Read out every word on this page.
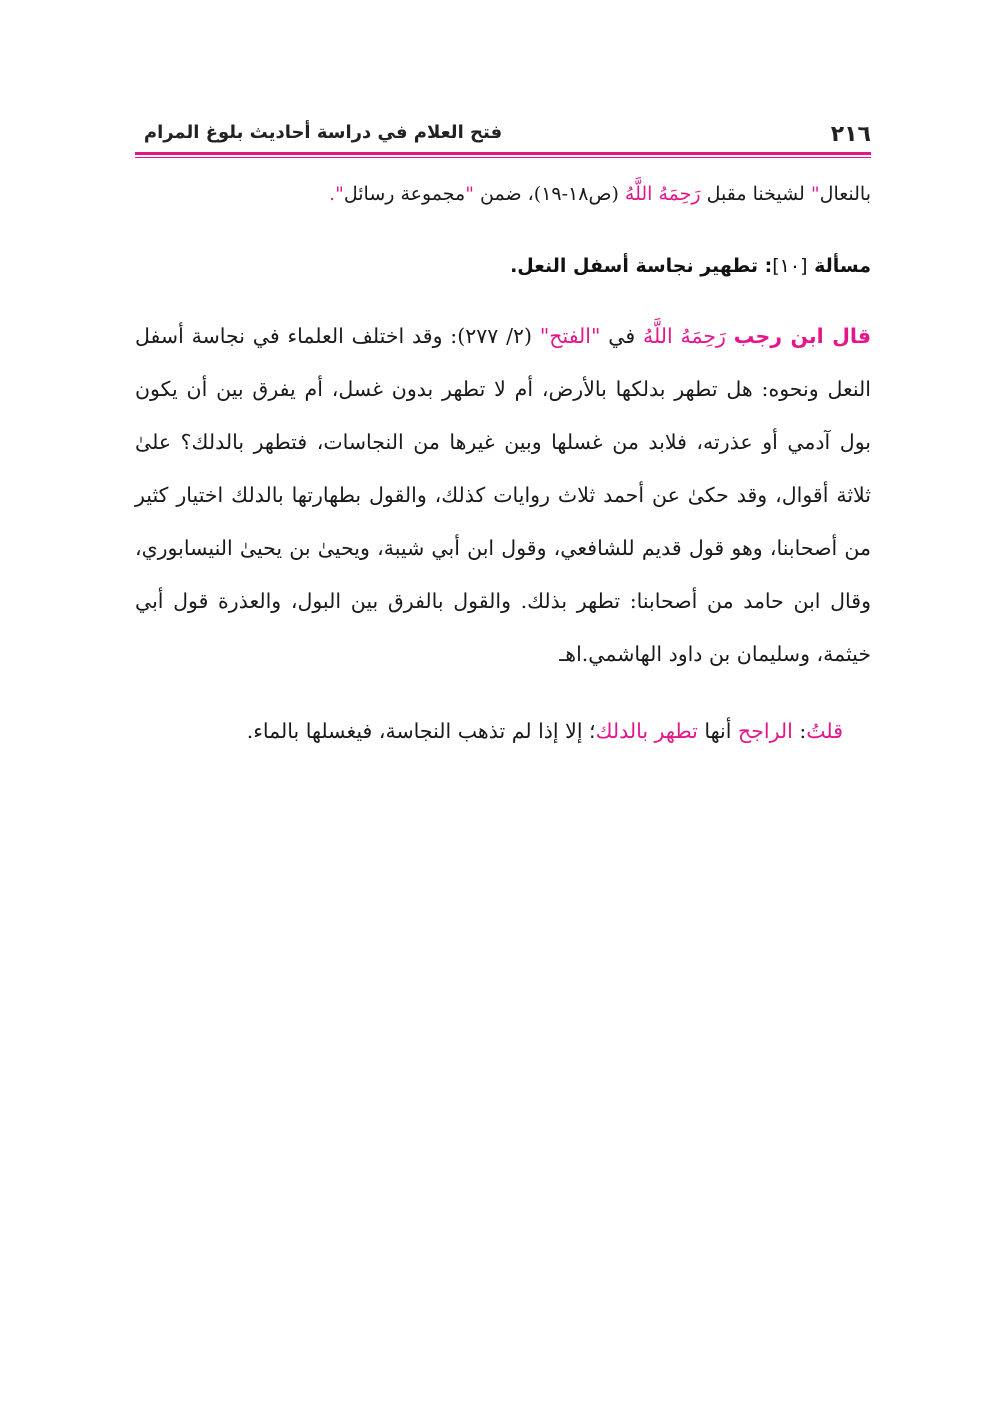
٢١٦
فتح العلام في دراسة أحاديث بلوغ المرام

بالنعال" لشيخنا مقبل رَحِمَهُ اللَّهُ (ص١٨-١٩)، ضمن "مجموعة رسائل".

مسألة [١٠]: تطهير نجاسة أسفل النعل.

قال ابن رجب رَحِمَهُ اللَّهُ في "الفتح" (٢/ ٢٧٧): وقد اختلف العلماء في نجاسة أسفل النعل ونحوه: هل تطهر بدلكها بالأرض، أم لا تطهر بدون غسل، أم يفرق بين أن يكون بول آدمي أو عذرته، فلابد من غسلها وبين غيرها من النجاسات، فتطهر بالدلك؟ علىٰ ثلاثة أقوال، وقد حكىٰ عن أحمد ثلاث روايات كذلك، والقول بطهارتها بالدلك اختيار كثير من أصحابنا، وهو قول قديم للشافعي، وقول ابن أبي شيبة، ويحيىٰ بن يحيىٰ النيسابوري، وقال ابن حامد من أصحابنا: تطهر بذلك. والقول بالفرق بين البول، والعذرة قول أبي خيثمة، وسليمان بن داود الهاشمي.اهـ

قلتُ: الراجح أنها تطهر بالدلك؛ إلا إذا لم تذهب النجاسة، فيغسلها بالماء.
